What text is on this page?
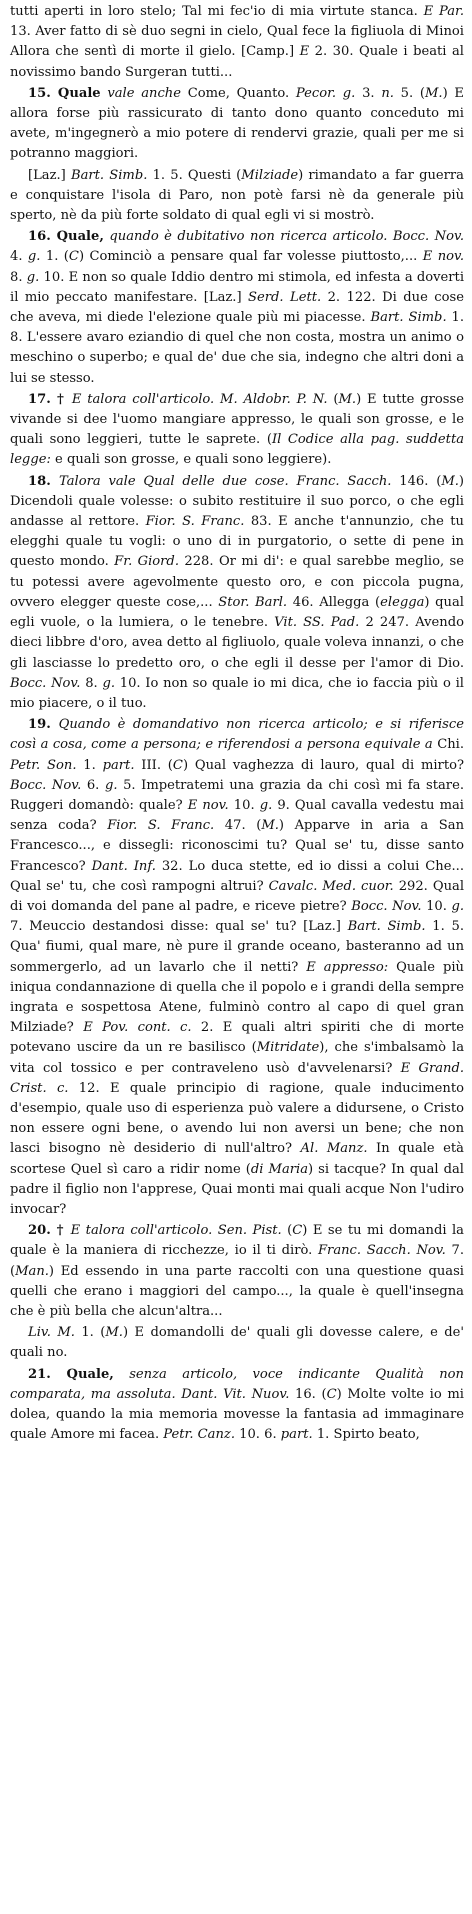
tutti aperti in loro stelo; Tal mi fec'io di mia virtute stanca. E Par. 13. Aver fatto di sè duo segni in cielo, Qual fece la figliuola di Minoi Allora che sentì di morte il gielo. [Camp.] E 2. 30. Quale i beati al novissimo bando Surgeran tutti...
15. Quale vale anche Come, Quanto. Pecor. g. 3. n. 5. (M.) E allora forse più rassicurato di tanto dono quanto conceduto mi avete, m'ingegnerò a mio potere di rendervi grazie, quali per me si potranno maggiori.
[Laz.] Bart. Simb. 1. 5. Questi (Milziade) rimandato a far guerra e conquistare l'isola di Paro, non potè farsi nè da generale più sperto, nè da più forte soldato di qual egli vi si mostrò.
16. Quale, quando è dubitativo non ricerca articolo. Bocc. Nov. 4. g. 1. (C) Cominciò a pensare qual far volesse piuttosto,... E nov. 8. g. 10. E non so quale Iddio dentro mi stimola, ed infesta a doverti il mio peccato manifestare. [Laz.] Serd. Lett. 2. 122. Di due cose che aveva, mi diede l'elezione quale più mi piacesse. Bart. Simb. 1. 8. L'essere avaro eziandio di quel che non costa, mostra un animo o meschino o superbo; e qual de' due che sia, indegno che altri doni a lui se stesso.
17. † E talora coll'articolo. M. Aldobr. P. N. (M.) E tutte grosse vivande si dee l'uomo mangiare appresso, le quali son grosse, e le quali sono leggieri, tutte le saprete. (Il Codice alla pag. suddetta legge: e quali son grosse, e quali sono leggiere).
18. Talora vale Qual delle due cose. Franc. Sacch. 146. (M.) Dicendoli quale volesse: o subito restituire il suo porco, o che egli andasse al rettore. Fior. S. Franc. 83. E anche t'annunzio, che tu elegghi quale tu vogli: o uno di in purgatorio, o sette di pene in questo mondo. Fr. Giord. 228. Or mi di': e qual sarebbe meglio, se tu potessi avere agevolmente questo oro, e con piccola pugna, ovvero elegger queste cose,... Stor. Barl. 46. Allegga (elegga) qual egli vuole, o la lumiera, o le tenebre. Vit. SS. Pad. 2 247. Avendo dieci libbre d'oro, avea detto al figliuolo, quale voleva innanzi, o che gli lasciasse lo predetto oro, o che egli il desse per l'amor di Dio. Bocc. Nov. 8. g. 10. Io non so quale io mi dica, che io faccia più o il mio piacere, o il tuo.
19. Quando è domandativo non ricerca articolo; e si riferisce così a cosa, come a persona; e riferendosi a persona equivale a Chi. Petr. Son. 1. part. III. (C) Qual vaghezza di lauro, qual di mirto? Bocc. Nov. 6. g. 5. Impetratemi una grazia da chi così mi fa stare. Ruggeri domandò: quale? E nov. 10. g. 9. Qual cavalla vedestu mai senza coda? Fior. S. Franc. 47. (M.) Apparve in aria a San Francesco..., e dissegli: riconoscimi tu? Qual se' tu, disse santo Francesco? Dant. Inf. 32. Lo duca stette, ed io dissi a colui Che... Qual se' tu, che così rampogni altrui? Cavalc. Med. cuor. 292. Qual di voi domanda del pane al padre, e riceve pietre? Bocc. Nov. 10. g. 7. Meuccio destandosi disse: qual se' tu? [Laz.] Bart. Simb. 1. 5. Qua' fiumi, qual mare, nè pure il grande oceano, basteranno ad un sommergerlo, ad un lavarlo che il netti? E appresso: Quale più iniqua condannazione di quella che il popolo e i grandi della sempre ingrata e sospettosa Atene, fulminò contro al capo di quel gran Milziade? E Pov. cont. c. 2. E quali altri spiriti che di morte potevano uscire da un re basilisco (Mitridate), che s'imbalsamò la vita col tossico e per contraveleno usò d'avvelenarsi? E Grand. Crist. c. 12. E quale principio di ragione, quale inducimento d'esempio, quale uso di esperienza può valere a didursene, o Cristo non essere ogni bene, o avendo lui non aversi un bene; che non lasci bisogno nè desiderio di null'altro? Al. Manz. In quale età scortese Quel sì caro a ridir nome (di Maria) si tacque? In qual dal padre il figlio non l'apprese, Quai monti mai quali acque Non l'udiro invocar?
20. † E talora coll'articolo. Sen. Pist. (C) E se tu mi domandi la quale è la maniera di ricchezze, io il ti dirò. Franc. Sacch. Nov. 7. (Man.) Ed essendo in una parte raccolti con una questione quasi quelli che erano i maggiori del campo..., la quale è quell'insegna che è più bella che alcun'altra...
Liv. M. 1. (M.) E domandolli de' quali gli dovesse calere, e de' quali no.
21. Quale, senza articolo, voce indicante Qualità non comparata, ma assoluta. Dant. Vit. Nuov. 16. (C) Molte volte io mi dolea, quando la mia memoria movesse la fantasia ad immaginare quale Amore mi facea. Petr. Canz. 10. 6. part. 1. Spirto beato,
